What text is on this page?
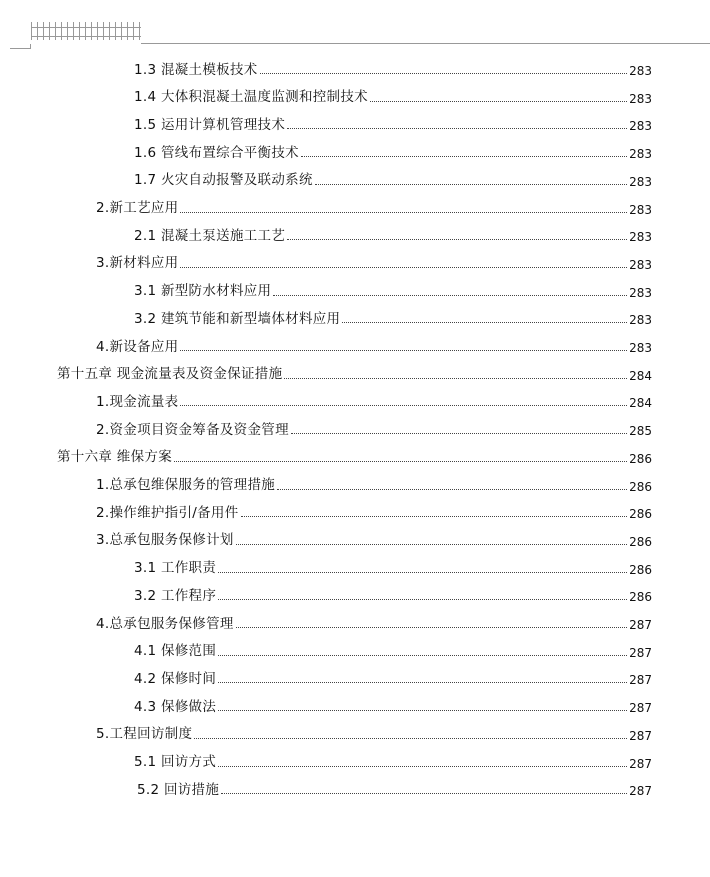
1.3 混凝土模板技术	283
1.4 大体积混凝土温度监测和控制技术	283
1.5 运用计算机管理技术	283
1.6 管线布置综合平衡技术	283
1.7 火灾自动报警及联动系统	283
2.新工艺应用	283
2.1 混凝土泵送施工工艺	283
3.新材料应用	283
3.1 新型防水材料应用	283
3.2 建筑节能和新型墙体材料应用	283
4.新设备应用	283
第十五章 现金流量表及资金保证措施	284
1.现金流量表	284
2.资金项目资金筹备及资金管理	285
第十六章 维保方案	286
1.总承包维保服务的管理措施	286
2.操作维护指引/备用件	286
3.总承包服务保修计划	286
3.1 工作职责	286
3.2 工作程序	286
4.总承包服务保修管理	287
4.1 保修范围	287
4.2 保修时间	287
4.3 保修做法	287
5.工程回访制度	287
5.1 回访方式	287
5.2 回访措施	287
